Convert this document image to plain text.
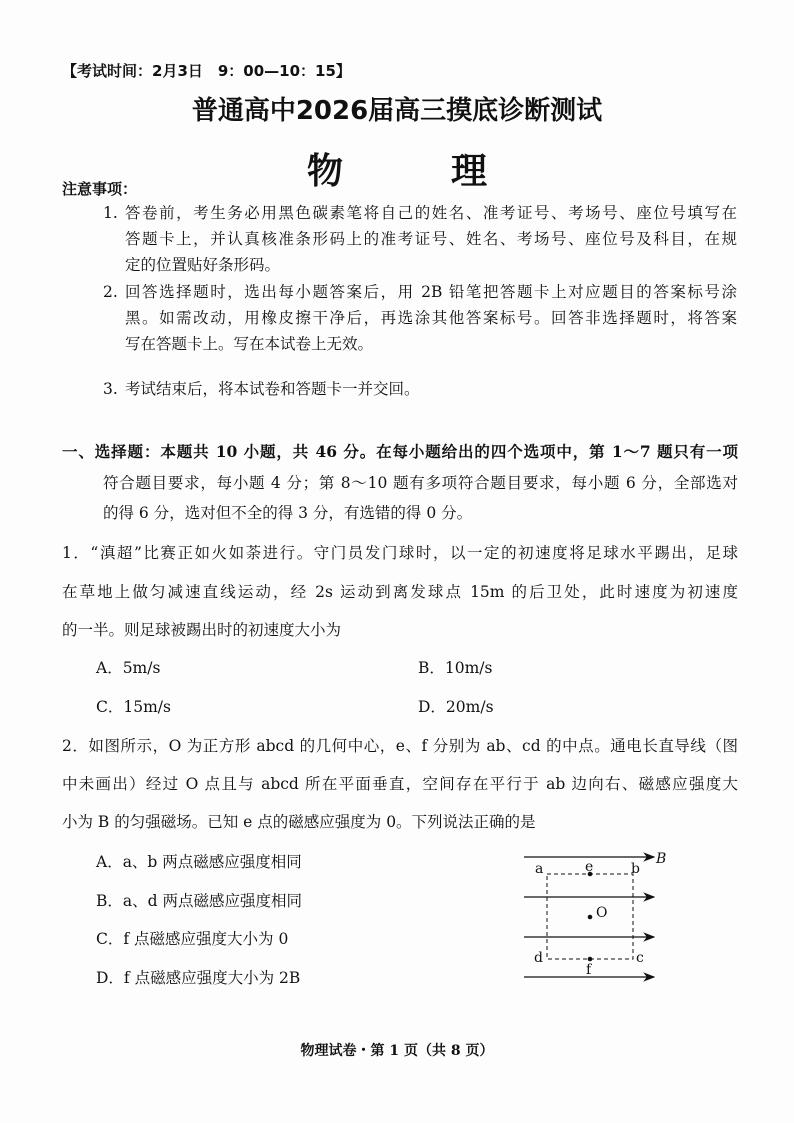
【考试时间：2月3日　9：00—10：15】
普通高中2026届高三摸底诊断测试
物　理
注意事项：
1. 答卷前，考生务必用黑色碳素笔将自己的姓名、准考证号、考场号、座位号填写在
答题卡上，并认真核准条形码上的准考证号、姓名、考场号、座位号及科目，在规
定的位置贴好条形码。
2. 回答选择题时，选出每小题答案后，用 2B 铅笔把答题卡上对应题目的答案标号涂
黑。如需改动，用橡皮擦干净后，再选涂其他答案标号。回答非选择题时，将答案
写在答题卡上。写在本试卷上无效。
3. 考试结束后，将本试卷和答题卡一并交回。
一、选择题：本题共 10 小题，共 46 分。在每小题给出的四个选项中，第 1～7 题只有一项
符合题目要求，每小题 4 分；第 8～10 题有多项符合题目要求，每小题 6 分，全部选对
的得 6 分，选对但不全的得 3 分，有选错的得 0 分。
1．“滇超”比赛正如火如荼进行。守门员发门球时，以一定的初速度将足球水平踢出，足球
在草地上做匀减速直线运动，经 2s 运动到离发球点 15m 的后卫处，此时速度为初速度
的一半。则足球被踢出时的初速度大小为
A．5m/s	B．10m/s
C．15m/s	D．20m/s
2．如图所示，O 为正方形 abcd 的几何中心，e、f 分别为 ab、cd 的中点。通电长直导线（图
中未画出）经过 O 点且与 abcd 所在平面垂直，空间存在平行于 ab 边向右、磁感应强度大
小为 B 的匀强磁场。已知 e 点的磁感应强度为 0。下列说法正确的是
A．a、b 两点磁感应强度相同
B．a、d 两点磁感应强度相同
C．f 点磁感应强度大小为 0
D．f 点磁感应强度大小为 2B
a	e	b
B
O
d	c
f
物理试卷・第 1 页（共 8 页）
